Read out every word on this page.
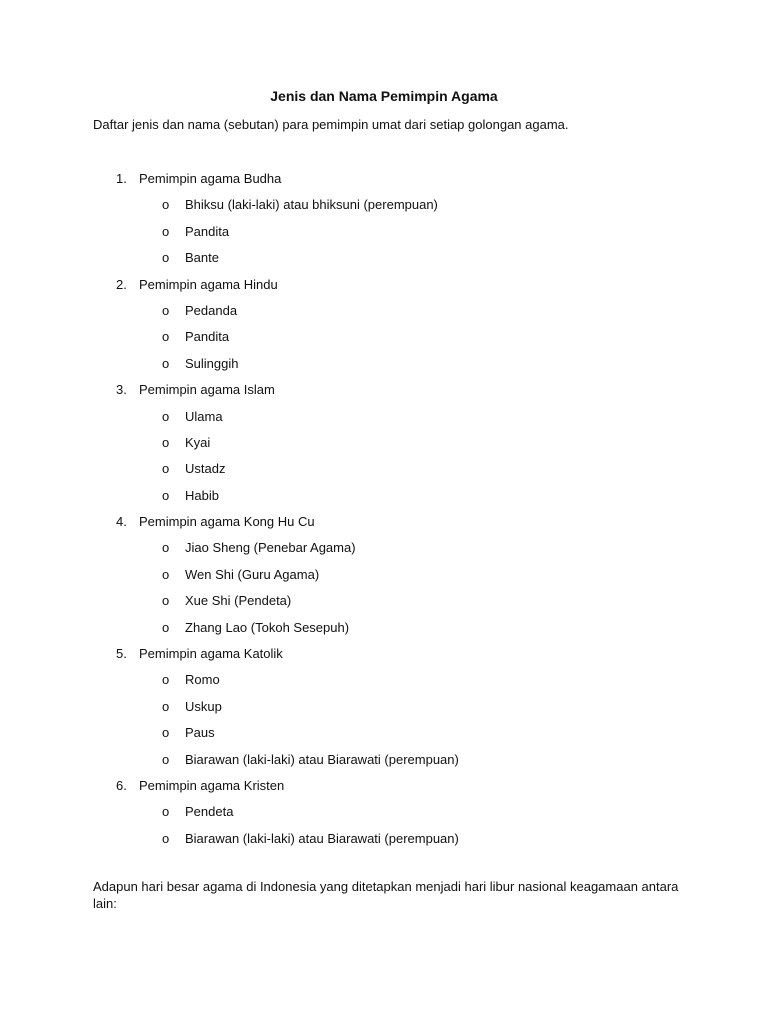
Jenis dan Nama Pemimpin Agama
Daftar jenis dan nama (sebutan) para pemimpin umat dari setiap golongan agama.
1. Pemimpin agama Budha
o Bhiksu (laki-laki) atau bhiksuni (perempuan)
o Pandita
o Bante
2. Pemimpin agama Hindu
o Pedanda
o Pandita
o Sulinggih
3. Pemimpin agama Islam
o Ulama
o Kyai
o Ustadz
o Habib
4. Pemimpin agama Kong Hu Cu
o Jiao Sheng (Penebar Agama)
o Wen Shi (Guru Agama)
o Xue Shi (Pendeta)
o Zhang Lao (Tokoh Sesepuh)
5. Pemimpin agama Katolik
o Romo
o Uskup
o Paus
o Biarawan (laki-laki) atau Biarawati (perempuan)
6. Pemimpin agama Kristen
o Pendeta
o Biarawan (laki-laki) atau Biarawati (perempuan)
Adapun hari besar agama di Indonesia yang ditetapkan menjadi hari libur nasional keagamaan antara lain:
